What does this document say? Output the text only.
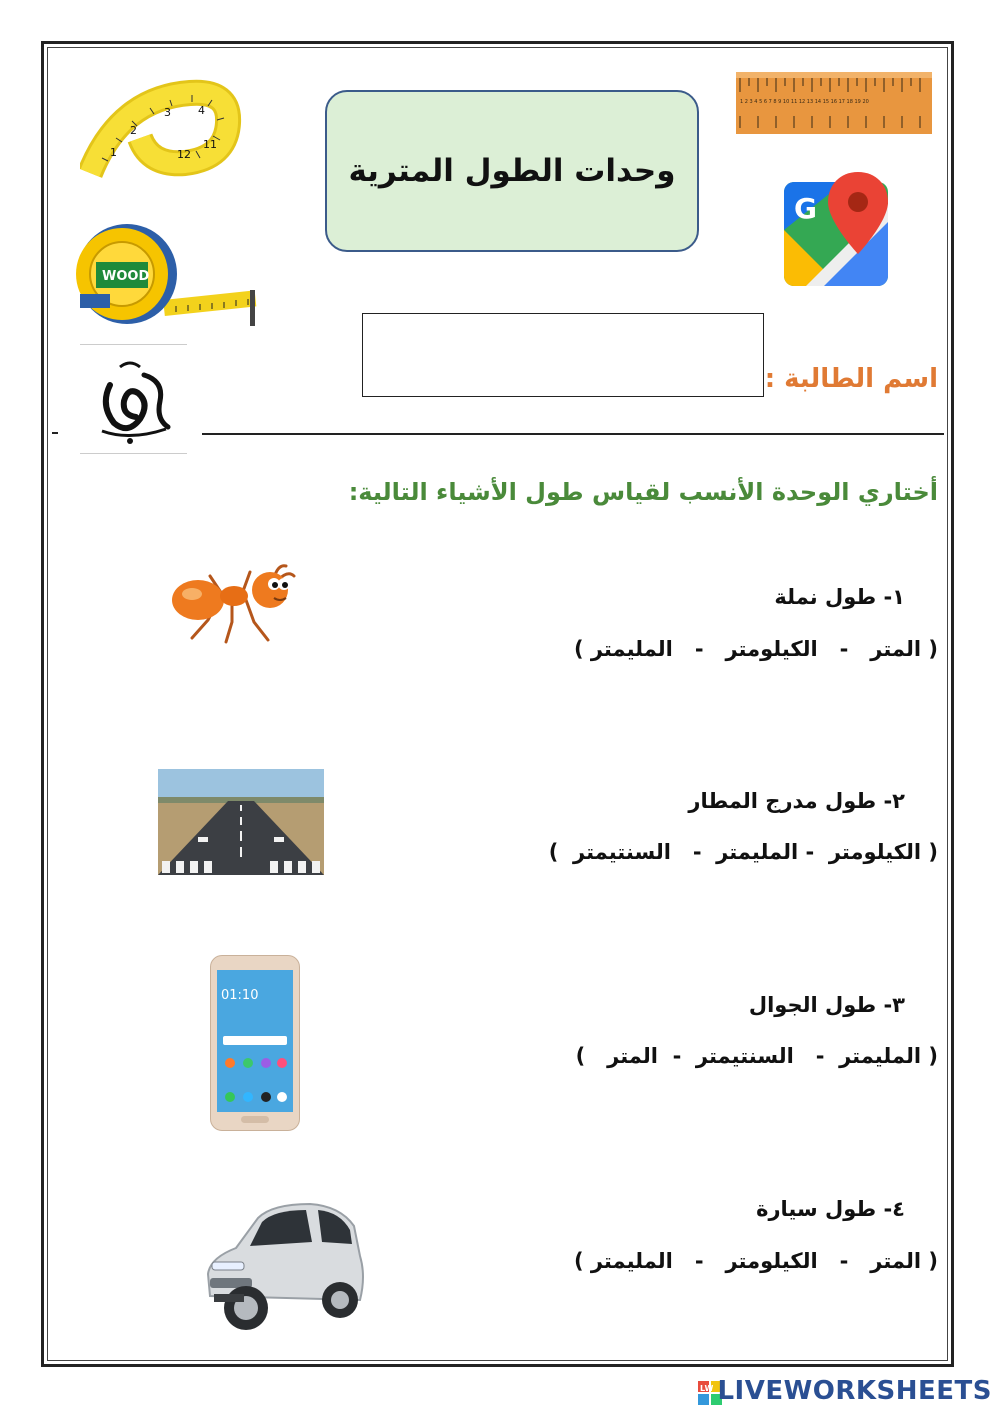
1
2
3 4
11
12
1 2 3 4 5 6 7 8 9 10 11 12 13 14 15 16 17 18 19 20
وحدات الطول المترية
G
WOOD
اسم الطالبة :
أختاري الوحدة الأنسب لقياس طول الأشياء التالية:
١- طول نملة
( المتر   -   الكيلومتر   -   المليمتر )
٢- طول مدرج المطار
( الكيلومتر  - المليمتر  -   السنتيمتر  )
٣- طول الجوال
( المليمتر  -   السنتيمتر  -  المتر   )
01:10
٤- طول سيارة
( المتر   -   الكيلومتر   -   المليمتر )
LW LIVEWORKSHEETS
